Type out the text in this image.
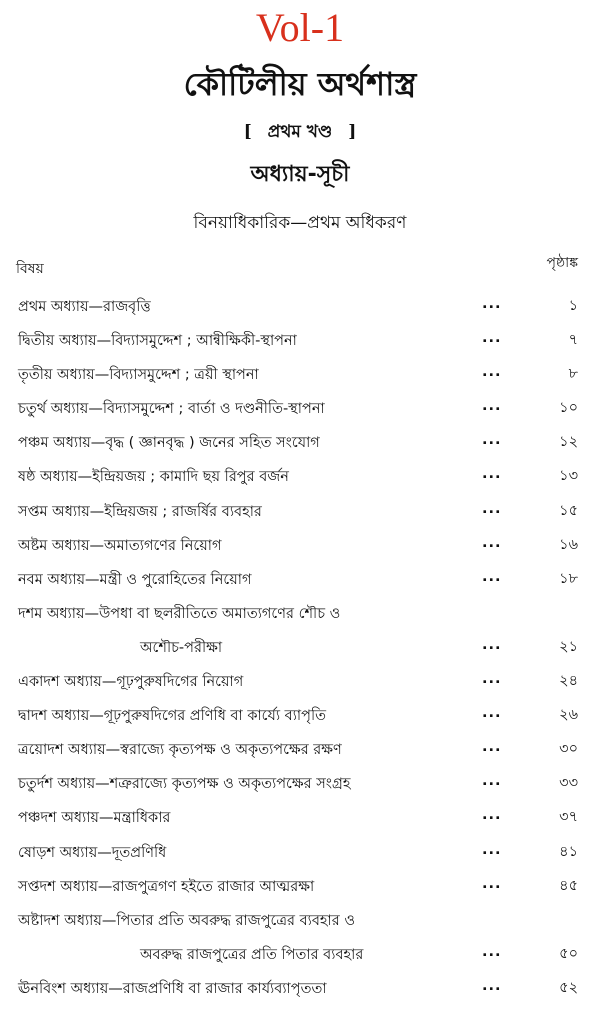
Vol-1
কৌটিলীয় অর্থশাস্ত্র
[ প্রথম খণ্ড ]
অধ্যায়-সূচী
বিনয়াধিকারিক—প্রথম অধিকরণ
বিষয়	পৃষ্ঠাঙ্ক
প্রথম অধ্যায়—রাজবৃত্তি	...	১
দ্বিতীয় অধ্যায়—বিদ্যাসমুদ্দেশ ; আন্বীক্ষিকী-স্থাপনা	...	৭
তৃতীয় অধ্যায়—বিদ্যাসমুদ্দেশ ; ত্রয়ী স্থাপনা	...	৮
চতুর্থ অধ্যায়—বিদ্যাসমুদ্দেশ ; বার্তা ও দণ্ডনীতি-স্থাপনা	...	১০
পঞ্চম অধ্যায়—বৃদ্ধ ( জ্ঞানবৃদ্ধ ) জনের সহিত সংযোগ	...	১২
ষষ্ঠ অধ্যায়—ইন্দ্রিয়জয় ; কামাদি ছয় রিপুর বর্জন	...	১৩
সপ্তম অধ্যায়—ইন্দ্রিয়জয় ; রাজর্ষির ব্যবহার	...	১৫
অষ্টম অধ্যায়—অমাত্যগণের নিয়োগ	...	১৬
নবম অধ্যায়—মন্ত্রী ও পুরোহিতের নিয়োগ	...	১৮
দশম অধ্যায়—উপধা বা ছলরীতিতে অমাত্যগণের শৌচ ও
অশৌচ-পরীক্ষা	...	২১
একাদশ অধ্যায়—গূঢ়পুরুষদিগের নিয়োগ	...	২৪
দ্বাদশ অধ্যায়—গূঢ়পুরুষদিগের প্রণিধি বা কার্য্যে ব্যাপৃতি	...	২৬
ত্রয়োদশ অধ্যায়—স্বরাজ্যে কৃত্যপক্ষ ও অকৃত্যপক্ষের রক্ষণ	...	৩০
চতুর্দশ অধ্যায়—শত্রুরাজ্যে কৃত্যপক্ষ ও অকৃত্যপক্ষের সংগ্রহ	...	৩৩
পঞ্চদশ অধ্যায়—মন্ত্রাধিকার	...	৩৭
ষোড়শ অধ্যায়—দূতপ্রণিধি	...	৪১
সপ্তদশ অধ্যায়—রাজপুত্রগণ হইতে রাজার আত্মরক্ষা	...	৪৫
অষ্টাদশ অধ্যায়—পিতার প্রতি অবরুদ্ধ রাজপুত্রের ব্যবহার ও
অবরুদ্ধ রাজপুত্রের প্রতি পিতার ব্যবহার	...	৫০
ঊনবিংশ অধ্যায়—রাজপ্রণিধি বা রাজার কার্য্যব্যাপৃততা	...	৫২
